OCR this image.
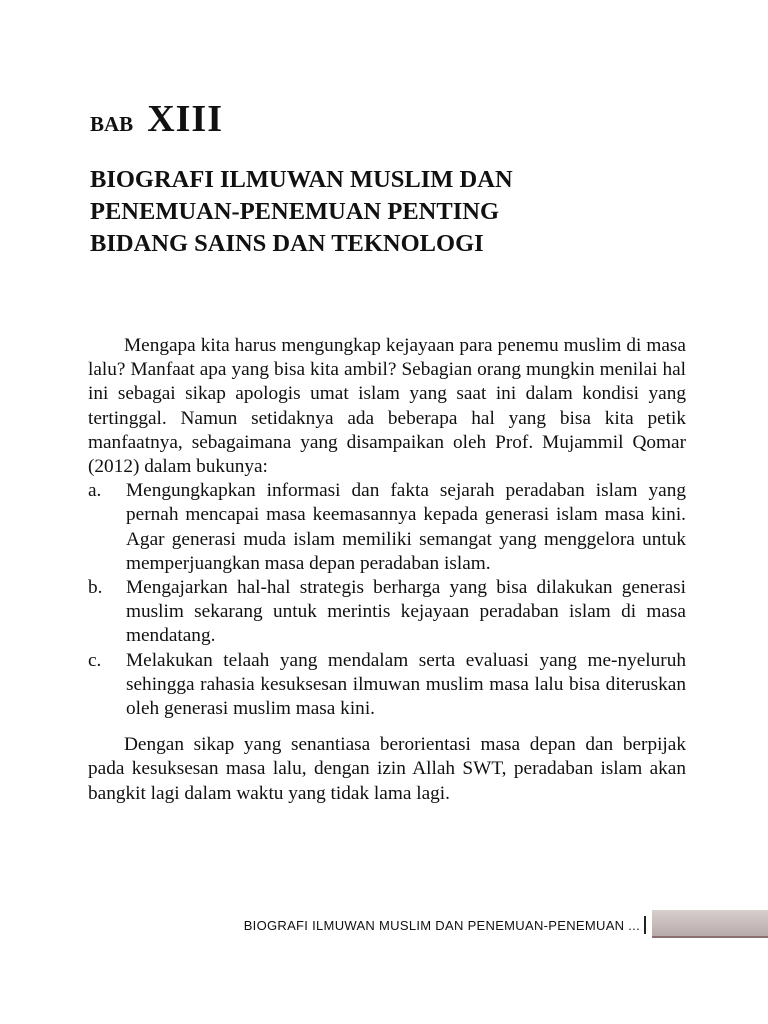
BAB XIII
BIOGRAFI ILMUWAN MUSLIM DAN
PENEMUAN-PENEMUAN PENTING
BIDANG SAINS DAN TEKNOLOGI

Mengapa kita harus mengungkap kejayaan para penemu muslim di masa lalu? Manfaat apa yang bisa kita ambil? Sebagian orang mungkin menilai hal ini sebagai sikap apologis umat islam yang saat ini dalam kondisi yang tertinggal. Namun setidaknya ada beberapa hal yang bisa kita petik manfaatnya, sebagaimana yang disampaikan oleh Prof. Mujammil Qomar (2012) dalam bukunya:

a. Mengungkapkan informasi dan fakta sejarah peradaban islam yang pernah mencapai masa keemasannya kepada generasi islam masa kini. Agar generasi muda islam memiliki semangat yang menggelora untuk memperjuangkan masa depan peradaban islam.
b. Mengajarkan hal-hal strategis berharga yang bisa dilakukan generasi muslim sekarang untuk merintis kejayaan peradaban islam di masa mendatang.
c. Melakukan telaah yang mendalam serta evaluasi yang me-nyeluruh sehingga rahasia kesuksesan ilmuwan muslim masa lalu bisa diteruskan oleh generasi muslim masa kini.

Dengan sikap yang senantiasa berorientasi masa depan dan berpijak pada kesuksesan masa lalu, dengan izin Allah SWT, peradaban islam akan bangkit lagi dalam waktu yang tidak lama lagi.

BIOGRAFI ILMUWAN MUSLIM DAN PENEMUAN-PENEMUAN ...
